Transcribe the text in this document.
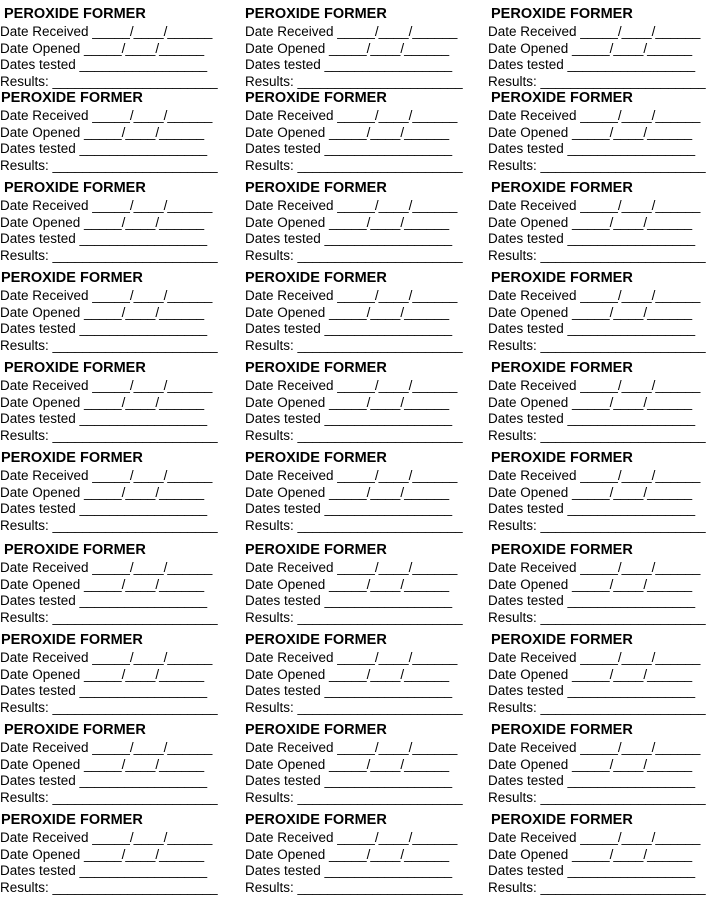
PEROXIDE FORMER
Date Received _____/____/______
Date Opened _____/____/______
Dates tested _________________
Results: ______________________
PEROXIDE FORMER
Date Received _____/____/______
Date Opened _____/____/______
Dates tested _________________
Results: ______________________
PEROXIDE FORMER
Date Received _____/____/______
Date Opened _____/____/______
Dates tested _________________
Results: ______________________
PEROXIDE FORMER
Date Received _____/____/______
Date Opened _____/____/______
Dates tested _________________
Results: ______________________
PEROXIDE FORMER
Date Received _____/____/______
Date Opened _____/____/______
Dates tested _________________
Results: ______________________
PEROXIDE FORMER
Date Received _____/____/______
Date Opened _____/____/______
Dates tested _________________
Results: ______________________
PEROXIDE FORMER
Date Received _____/____/______
Date Opened _____/____/______
Dates tested _________________
Results: ______________________
PEROXIDE FORMER
Date Received _____/____/______
Date Opened _____/____/______
Dates tested _________________
Results: ______________________
PEROXIDE FORMER
Date Received _____/____/______
Date Opened _____/____/______
Dates tested _________________
Results: ______________________
PEROXIDE FORMER
Date Received _____/____/______
Date Opened _____/____/______
Dates tested _________________
Results: ______________________
PEROXIDE FORMER
Date Received _____/____/______
Date Opened _____/____/______
Dates tested _________________
Results: ______________________
PEROXIDE FORMER
Date Received _____/____/______
Date Opened _____/____/______
Dates tested _________________
Results: ______________________
PEROXIDE FORMER
Date Received _____/____/______
Date Opened _____/____/______
Dates tested _________________
Results: ______________________
PEROXIDE FORMER
Date Received _____/____/______
Date Opened _____/____/______
Dates tested _________________
Results: ______________________
PEROXIDE FORMER
Date Received _____/____/______
Date Opened _____/____/______
Dates tested _________________
Results: ______________________
PEROXIDE FORMER
Date Received _____/____/______
Date Opened _____/____/______
Dates tested _________________
Results: ______________________
PEROXIDE FORMER
Date Received _____/____/______
Date Opened _____/____/______
Dates tested _________________
Results: ______________________
PEROXIDE FORMER
Date Received _____/____/______
Date Opened _____/____/______
Dates tested _________________
Results: ______________________
PEROXIDE FORMER
Date Received _____/____/______
Date Opened _____/____/______
Dates tested _________________
Results: ______________________
PEROXIDE FORMER
Date Received _____/____/______
Date Opened _____/____/______
Dates tested _________________
Results: ______________________
PEROXIDE FORMER
Date Received _____/____/______
Date Opened _____/____/______
Dates tested _________________
Results: ______________________
PEROXIDE FORMER
Date Received _____/____/______
Date Opened _____/____/______
Dates tested _________________
Results: ______________________
PEROXIDE FORMER
Date Received _____/____/______
Date Opened _____/____/______
Dates tested _________________
Results: ______________________
PEROXIDE FORMER
Date Received _____/____/______
Date Opened _____/____/______
Dates tested _________________
Results: ______________________
PEROXIDE FORMER
Date Received _____/____/______
Date Opened _____/____/______
Dates tested _________________
Results: ______________________
PEROXIDE FORMER
Date Received _____/____/______
Date Opened _____/____/______
Dates tested _________________
Results: ______________________
PEROXIDE FORMER
Date Received _____/____/______
Date Opened _____/____/______
Dates tested _________________
Results: ______________________
PEROXIDE FORMER
Date Received _____/____/______
Date Opened _____/____/______
Dates tested _________________
Results: ______________________
PEROXIDE FORMER
Date Received _____/____/______
Date Opened _____/____/______
Dates tested _________________
Results: ______________________
PEROXIDE FORMER
Date Received _____/____/______
Date Opened _____/____/______
Dates tested _________________
Results: ______________________
